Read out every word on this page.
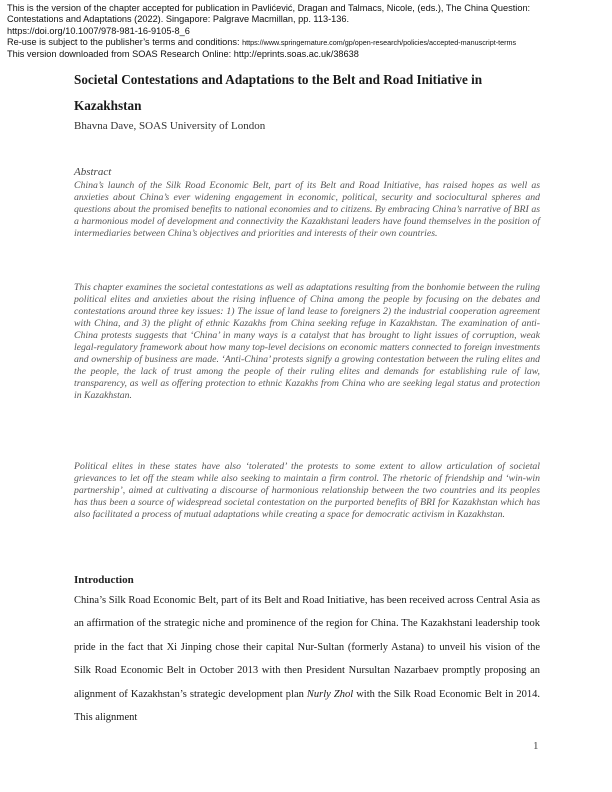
This is the version of the chapter accepted for publication in Pavlićević, Dragan and Talmacs, Nicole, (eds.), The China Question:
Contestations and Adaptations (2022). Singapore: Palgrave Macmillan, pp. 113-136.
https://doi.org/10.1007/978-981-16-9105-8_6
Re-use is subject to the publisher’s terms and conditions: https://www.springernature.com/gp/open-research/policies/accepted-manuscript-terms
This version downloaded from SOAS Research Online: http://eprints.soas.ac.uk/38638
Societal Contestations and Adaptations to the Belt and Road Initiative in
Kazakhstan
Bhavna Dave, SOAS University of London
Abstract

China’s launch of the Silk Road Economic Belt, part of its Belt and Road Initiative, has raised hopes as well as anxieties about China’s ever widening engagement in economic, political, security and sociocultural spheres and questions about the promised benefits to national economies and to citizens. By embracing China’s narrative of BRI as a harmonious model of development and connectivity the Kazakhstani leaders have found themselves in the position of intermediaries between China’s objectives and priorities and interests of their own countries.

This chapter examines the societal contestations as well as adaptations resulting from the bonhomie between the ruling political elites and anxieties about the rising influence of China among the people by focusing on the debates and contestations around three key issues: 1) The issue of land lease to foreigners 2) the industrial cooperation agreement with China, and 3) the plight of ethnic Kazakhs from China seeking refuge in Kazakhstan. The examination of anti-China protests suggests that ‘China’ in many ways is a catalyst that has brought to light issues of corruption, weak legal-regulatory framework about how many top-level decisions on economic matters connected to foreign investments and ownership of business are made. ‘Anti-China’ protests signify a growing contestation between the ruling elites and the people, the lack of trust among the people of their ruling elites and demands for establishing rule of law, transparency, as well as offering protection to ethnic Kazakhs from China who are seeking legal status and protection in Kazakhstan.

Political elites in these states have also ‘tolerated’ the protests to some extent to allow articulation of societal grievances to let off the steam while also seeking to maintain a firm control. The rhetoric of friendship and ‘win-win partnership’, aimed at cultivating a discourse of harmonious relationship between the two countries and its peoples has thus been a source of widespread societal contestation on the purported benefits of BRI for Kazakhstan which has also facilitated a process of mutual adaptations while creating a space for democratic activism in Kazakhstan.

Introduction

China’s Silk Road Economic Belt, part of its Belt and Road Initiative, has been received across Central Asia as an affirmation of the strategic niche and prominence of the region for China. The Kazakhstani leadership took pride in the fact that Xi Jinping chose their capital Nur-Sultan (formerly Astana) to unveil his vision of the Silk Road Economic Belt in October 2013 with then President Nursultan Nazarbaev promptly proposing an alignment of Kazakhstan’s strategic development plan Nurly Zhol with the Silk Road Economic Belt in 2014. This alignment

1
